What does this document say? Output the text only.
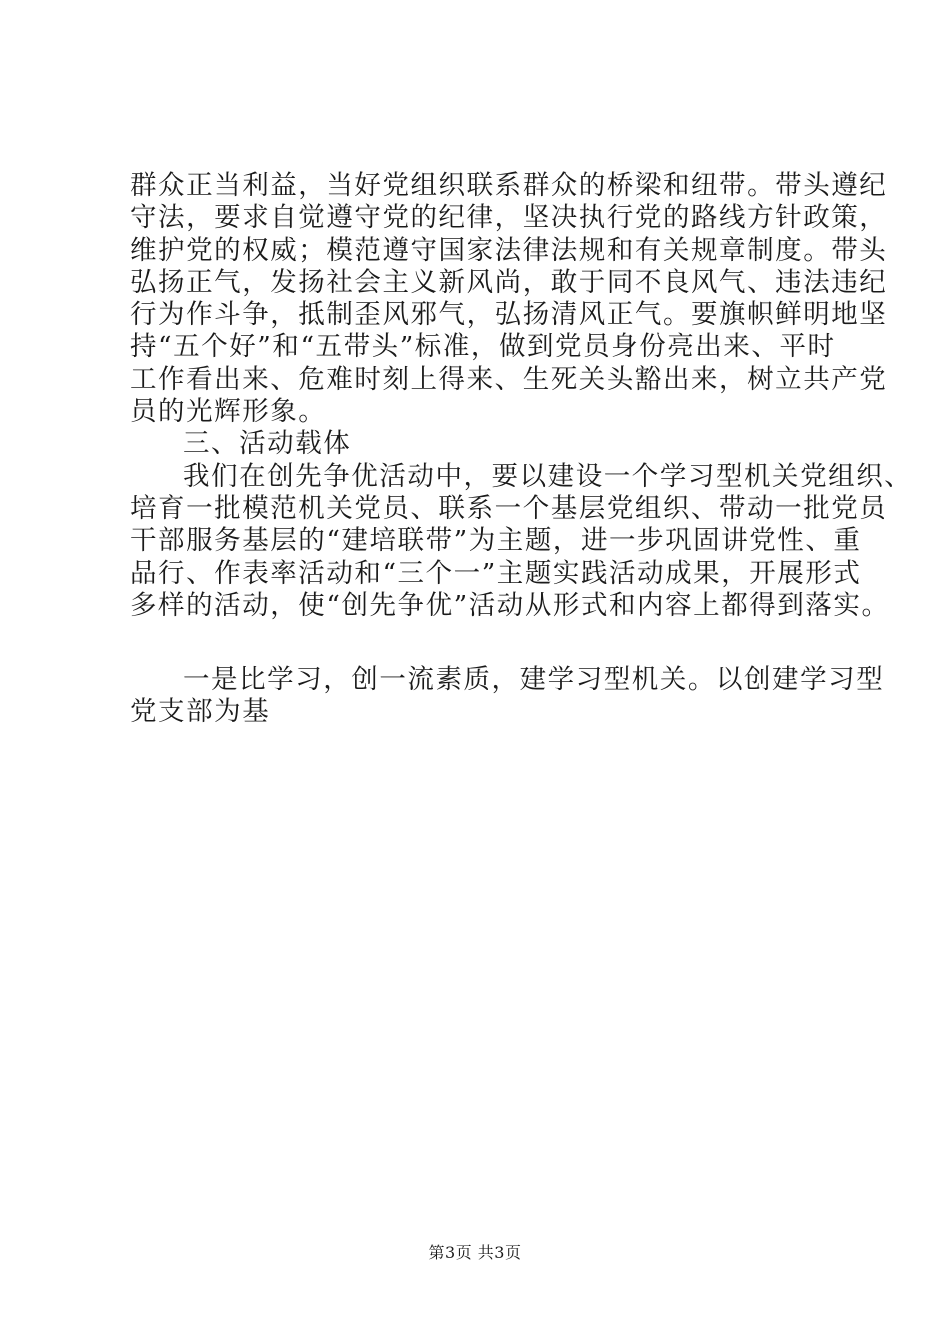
群众正当利益，当好党组织联系群众的桥梁和纽带。带头遵纪
守法，要求自觉遵守党的纪律，坚决执行党的路线方针政策，
维护党的权威；模范遵守国家法律法规和有关规章制度。带头
弘扬正气，发扬社会主义新风尚，敢于同不良风气、违法违纪
行为作斗争，抵制歪风邪气，弘扬清风正气。要旗帜鲜明地坚
持“五个好”和“五带头”标准，做到党员身份亮出来、平时
工作看出来、危难时刻上得来、生死关头豁出来，树立共产党
员的光辉形象。
三、活动载体
我们在创先争优活动中，要以建设一个学习型机关党组织、
培育一批模范机关党员、联系一个基层党组织、带动一批党员
干部服务基层的“建培联带”为主题，进一步巩固讲党性、重
品行、作表率活动和“三个一”主题实践活动成果，开展形式
多样的活动，使“创先争优”活动从形式和内容上都得到落实。
一是比学习，创一流素质，建学习型机关。以创建学习型
党支部为基
第3页 共3页
